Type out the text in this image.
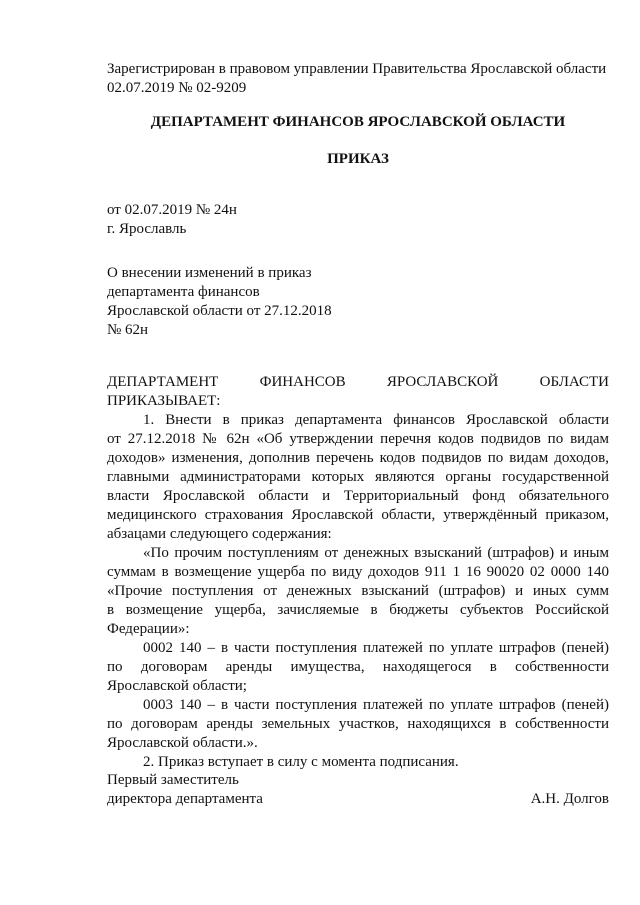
Зарегистрирован в правовом управлении Правительства Ярославской области
02.07.2019 № 02-9209
ДЕПАРТАМЕНТ ФИНАНСОВ ЯРОСЛАВСКОЙ ОБЛАСТИ
ПРИКАЗ
от 02.07.2019 № 24н
г. Ярославль
О внесении изменений в приказ
департамента финансов
Ярославской области от 27.12.2018
№ 62н
ДЕПАРТАМЕНТ	ФИНАНСОВ	ЯРОСЛАВСКОЙ	ОБЛАСТИ
ПРИКАЗЫВАЕТ:
1. Внести в приказ департамента финансов Ярославской области
от 27.12.2018 № 62н «Об утверждении перечня кодов подвидов по видам
доходов» изменения, дополнив перечень кодов подвидов по видам доходов,
главными администраторами которых являются органы государственной
власти Ярославской области и Территориальный фонд обязательного
медицинского страхования Ярославской области, утверждённый приказом,
абзацами следующего содержания:
«По прочим поступлениям от денежных взысканий (штрафов) и иным
суммам в возмещение ущерба по виду доходов 911 1 16 90020 02 0000 140
«Прочие поступления от денежных взысканий (штрафов) и иных сумм
в возмещение ущерба, зачисляемые в бюджеты субъектов Российской
Федерации»:
0002 140 – в части поступления платежей по уплате штрафов (пеней)
по договорам аренды имущества, находящегося в собственности
Ярославской области;
0003 140 – в части поступления платежей по уплате штрафов (пеней)
по договорам аренды земельных участков, находящихся в собственности
Ярославской области.».
2. Приказ вступает в силу с момента подписания.
Первый заместитель
директора департамента	А.Н. Долгов
